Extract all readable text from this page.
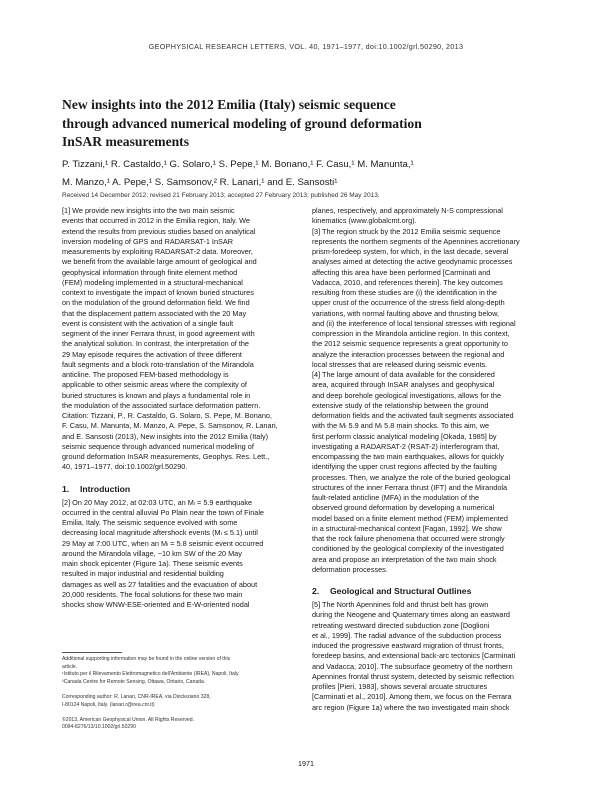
GEOPHYSICAL RESEARCH LETTERS, VOL. 40, 1971–1977, doi:10.1002/grl.50290, 2013
New insights into the 2012 Emilia (Italy) seismic sequence
through advanced numerical modeling of ground deformation
InSAR measurements
P. Tizzani,¹ R. Castaldo,¹ G. Solaro,¹ S. Pepe,¹ M. Bonano,¹ F. Casu,¹ M. Manunta,¹
M. Manzo,¹ A. Pepe,¹ S. Samsonov,² R. Lanari,¹ and E. Sansosti¹
Received 14 December 2012; revised 21 February 2013; accepted 27 February 2013; published 26 May 2013.

[1] We provide new insights into the two main seismic
events that occurred in 2012 in the Emilia region, Italy. We
extend the results from previous studies based on analytical
inversion modeling of GPS and RADARSAT-1 InSAR
measurements by exploiting RADARSAT-2 data. Moreover,
we benefit from the available large amount of geological and
geophysical information through finite element method
(FEM) modeling implemented in a structural-mechanical
context to investigate the impact of known buried structures
on the modulation of the ground deformation field. We find
that the displacement pattern associated with the 20 May
event is consistent with the activation of a single fault
segment of the inner Ferrara thrust, in good agreement with
the analytical solution. In contrast, the interpretation of the
29 May episode requires the activation of three different
fault segments and a block roto-translation of the Mirandola
anticline. The proposed FEM-based methodology is
applicable to other seismic areas where the complexity of
buried structures is known and plays a fundamental role in
the modulation of the associated surface deformation pattern.
Citation: Tizzani, P., R. Castaldo, G. Solaro, S. Pepe, M. Bonano,
F. Casu, M. Manunta, M. Manzo, A. Pepe, S. Samsonov, R. Lanari,
and E. Sansosti (2013), New insights into the 2012 Emilia (Italy)
seismic sequence through advanced numerical modeling of
ground deformation InSAR measurements, Geophys. Res. Lett.,
40, 1971–1977, doi:10.1002/grl.50290.

1. Introduction

[2] On 20 May 2012, at 02:03 UTC, an Mₗ = 5.9 earthquake
occurred in the central alluvial Po Plain near the town of Finale
Emilia, Italy. The seismic sequence evolved with some
decreasing local magnitude aftershock events (Mₗ ≤ 5.1) until
29 May at 7:00 UTC, when an Mₗ = 5.8 seismic event occurred
around the Mirandola village, ~10 km SW of the 20 May
main shock epicenter (Figure 1a). These seismic events
resulted in major industrial and residential building
damages as well as 27 fatalities and the evacuation of about
20,000 residents. The focal solutions for these two main
shocks show WNW-ESE-oriented and E-W-oriented nodal

planes, respectively, and approximately N-S compressional
kinematics (www.globalcmt.org).

[3] The region struck by the 2012 Emilia seismic sequence
represents the northern segments of the Apennines accretionary
prism-foredeep system, for which, in the last decade, several
analyses aimed at detecting the active geodynamic processes
affecting this area have been performed [Carminati and
Vadacca, 2010, and references therein]. The key outcomes
resulting from these studies are (i) the identification in the
upper crust of the occurrence of the stress field along-depth
variations, with normal faulting above and thrusting below,
and (ii) the interference of local tensional stresses with regional
compression in the Mirandola anticline region. In this context,
the 2012 seismic sequence represents a great opportunity to
analyze the interaction processes between the regional and
local stresses that are released during seismic events.

[4] The large amount of data available for the considered
area, acquired through InSAR analyses and geophysical
and deep borehole geological investigations, allows for the
extensive study of the relationship between the ground
deformation fields and the activated fault segments associated
with the Mₗ 5.9 and Mₗ 5.8 main shocks. To this aim, we
first perform classic analytical modeling [Okada, 1985] by
investigating a RADARSAT-2 (RSAT-2) interferogram that,
encompassing the two main earthquakes, allows for quickly
identifying the upper crust regions affected by the faulting
processes. Then, we analyze the role of the buried geological
structures of the inner Ferrara thrust (IFT) and the Mirandola
fault-related anticline (MFA) in the modulation of the
observed ground deformation by developing a numerical
model based on a finite element method (FEM) implemented
in a structural-mechanical context [Fagan, 1992]. We show
that the rock failure phenomena that occurred were strongly
conditioned by the geological complexity of the investigated
area and propose an interpretation of the two main shock
deformation processes.

2. Geological and Structural Outlines

[5] The North Apennines fold and thrust belt has grown
during the Neogene and Quaternary times along an eastward
retreating westward directed subduction zone [Doglioni
et al., 1999]. The radial advance of the subduction process
induced the progressive eastward migration of thrust fronts,
foredeep basins, and extensional back-arc tectonics [Carminati
and Vadacca, 2010]. The subsurface geometry of the northern
Apennines frontal thrust system, detected by seismic reflection
profiles [Pieri, 1983], shows several arcuate structures
[Carminati et al., 2010]. Among them, we focus on the Ferrara
arc region (Figure 1a) where the two investigated main shock

Additional supporting information may be found in the online version of this
article.
¹Istituto per il Rilevamento Elettromagnetico dell'Ambiente (IREA), Napoli, Italy.
²Canada Centre for Remote Sensing, Ottawa, Ontario, Canada.

Corresponding author: R. Lanari, CNR-IREA, via Diocleziano 328,
I-80124 Napoli, Italy. (lanari.r@irea.cnr.it)

©2013. American Geophysical Union. All Rights Reserved.
0094-8276/13/10.1002/grl.50290
1971
